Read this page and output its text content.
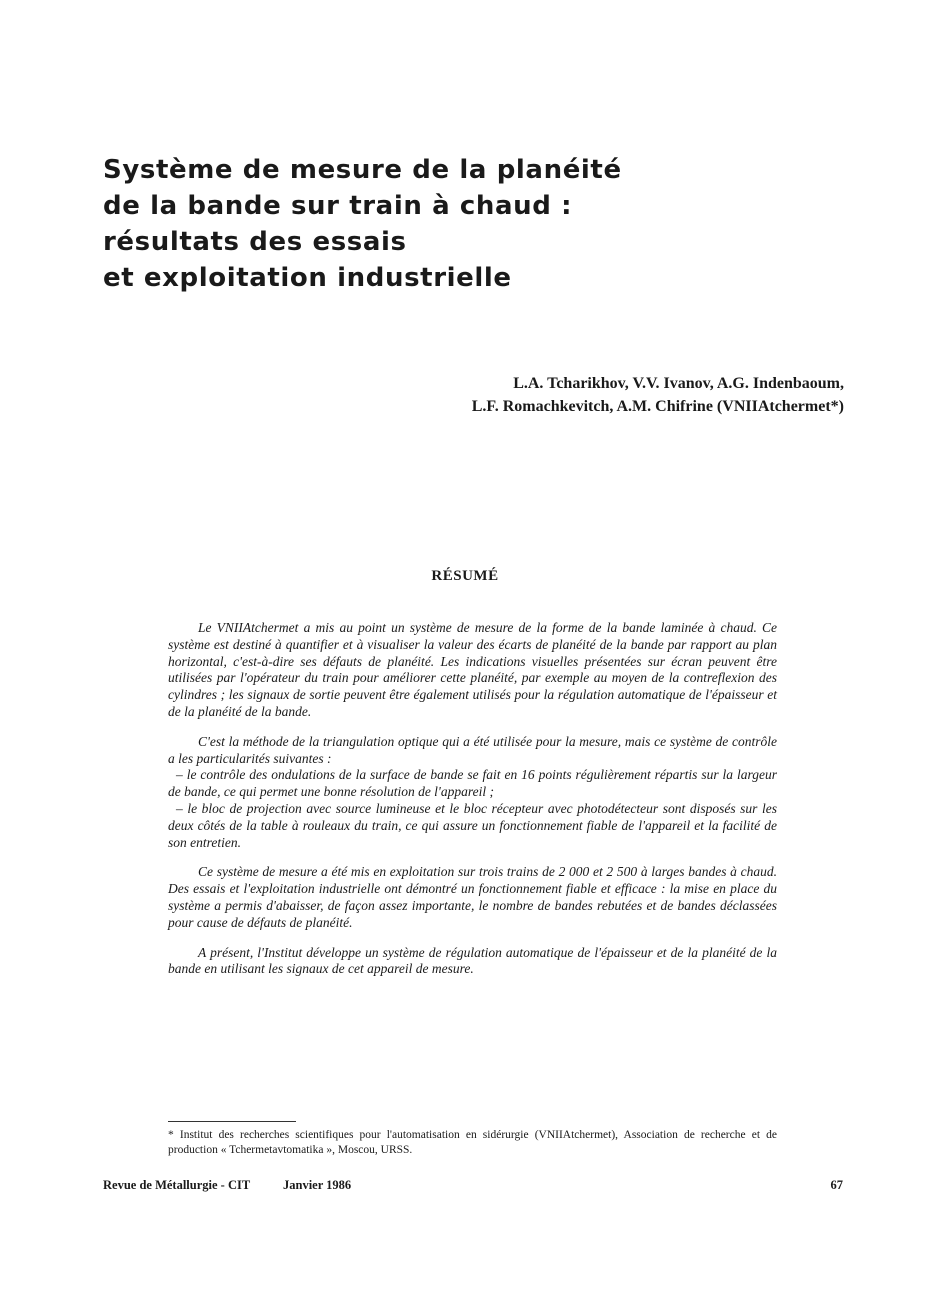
Système de mesure de la planéité
de la bande sur train à chaud :
résultats des essais
et exploitation industrielle
L.A. Tcharikhov, V.V. Ivanov, A.G. Indenbaoum,
L.F. Romachkevitch, A.M. Chifrine (VNIIAtchermet*)
RÉSUMÉ

Le VNIIAtchermet a mis au point un système de mesure de la forme de la bande laminée à chaud. Ce système est destiné à quantifier et à visualiser la valeur des écarts de planéité de la bande par rapport au plan horizontal, c'est-à-dire ses défauts de planéité. Les indications visuelles présentées sur écran peuvent être utilisées par l'opérateur du train pour améliorer cette planéité, par exemple au moyen de la contreflexion des cylindres ; les signaux de sortie peuvent être également utilisés pour la régulation automatique de l'épaisseur et de la planéité de la bande.

C'est la méthode de la triangulation optique qui a été utilisée pour la mesure, mais ce système de contrôle a les particularités suivantes :

– le contrôle des ondulations de la surface de bande se fait en 16 points régulièrement répartis sur la largeur de bande, ce qui permet une bonne résolution de l'appareil ;

– le bloc de projection avec source lumineuse et le bloc récepteur avec photodétecteur sont disposés sur les deux côtés de la table à rouleaux du train, ce qui assure un fonctionnement fiable de l'appareil et la facilité de son entretien.

Ce système de mesure a été mis en exploitation sur trois trains de 2 000 et 2 500 à larges bandes à chaud. Des essais et l'exploitation industrielle ont démontré un fonctionnement fiable et efficace : la mise en place du système a permis d'abaisser, de façon assez importante, le nombre de bandes rebutées et de bandes déclassées pour cause de défauts de planéité.

A présent, l'Institut développe un système de régulation automatique de l'épaisseur et de la planéité de la bande en utilisant les signaux de cet appareil de mesure.

* Institut des recherches scientifiques pour l'automatisation en sidérurgie (VNIIAtchermet), Association de recherche et de production « Tchermetavtomatika », Moscou, URSS.
Revue de Métallurgie - CIT	Janvier 1986	67
